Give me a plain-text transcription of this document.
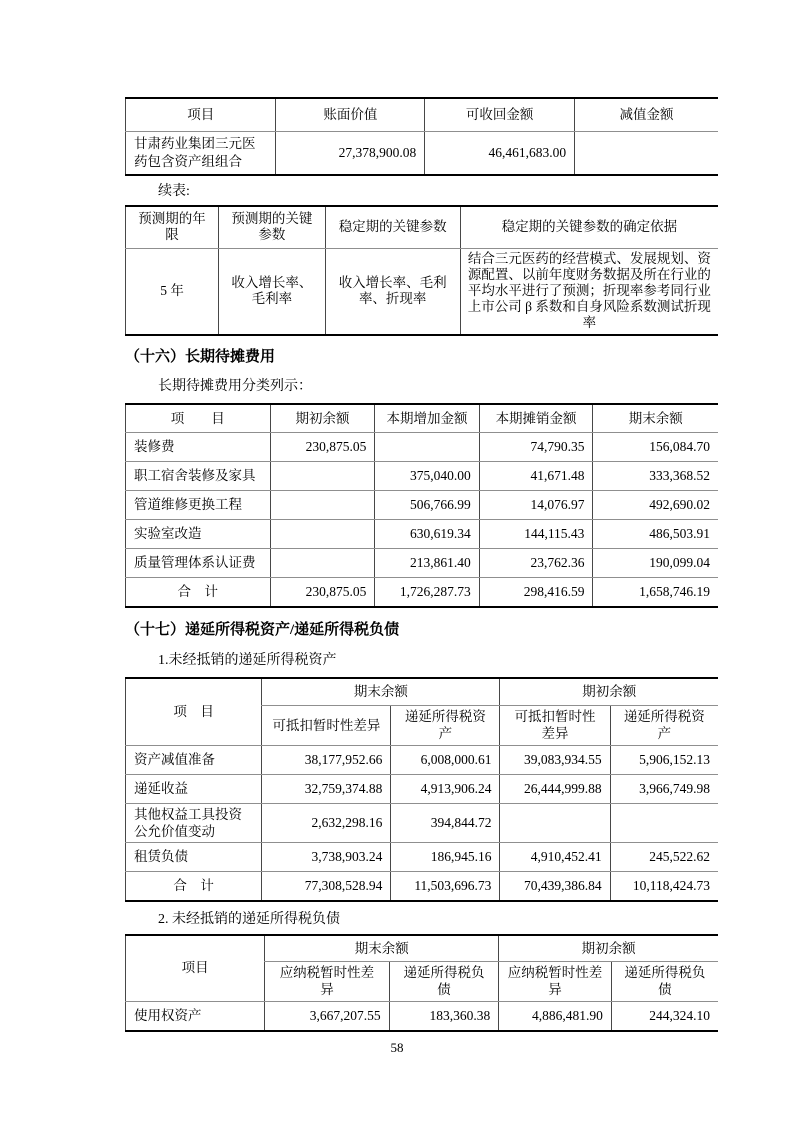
项目	账面价值	可收回金额	减值金额
甘肃药业集团三元医药包含资产组组合	27,378,900.08	46,461,683.00	

续表:

预测期的年限	预测期的关键参数	稳定期的关键参数	稳定期的关键参数的确定依据
5 年	收入增长率、毛利率	收入增长率、毛利率、折现率	结合三元医药的经营模式、发展规划、资源配置、以前年度财务数据及所在行业的平均水平进行了预测；折现率参考同行业上市公司 β 系数和自身风险系数测试折现率

（十六）长期待摊费用

长期待摊费用分类列示：

项　　目	期初余额	本期增加金额	本期摊销金额	期末余额
装修费	230,875.05		74,790.35	156,084.70
职工宿舍装修及家具		375,040.00	41,671.48	333,368.52
管道维修更换工程		506,766.99	14,076.97	492,690.02
实验室改造		630,619.34	144,115.43	486,503.91
质量管理体系认证费		213,861.40	23,762.36	190,099.04
合　计	230,875.05	1,726,287.73	298,416.59	1,658,746.19

（十七）递延所得税资产/递延所得税负债

1.未经抵销的递延所得税资产

项　目	期末余额		期初余额	
	可抵扣暂时性差异	递延所得税资产	可抵扣暂时性差异	递延所得税资产
资产减值准备	38,177,952.66	6,008,000.61	39,083,934.55	5,906,152.13
递延收益	32,759,374.88	4,913,906.24	26,444,999.88	3,966,749.98
其他权益工具投资公允价值变动	2,632,298.16	394,844.72		
租赁负债	3,738,903.24	186,945.16	4,910,452.41	245,522.62
合　计	77,308,528.94	11,503,696.73	70,439,386.84	10,118,424.73

2. 未经抵销的递延所得税负债

项目	期末余额		期初余额	
	应纳税暂时性差异	递延所得税负债	应纳税暂时性差异	递延所得税负债
使用权资产	3,667,207.55	183,360.38	4,886,481.90	244,324.10
58
